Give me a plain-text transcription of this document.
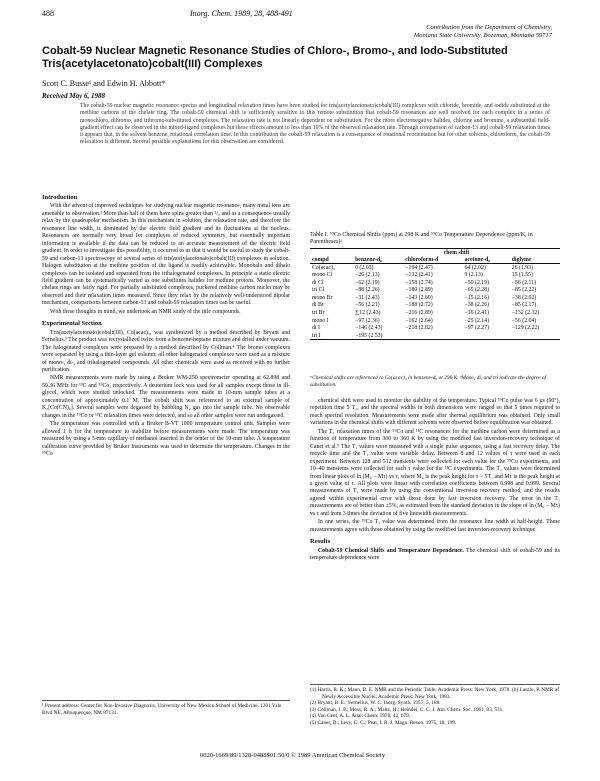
488	Inorg. Chem. 1989, 28, 488-491
Contribution from the Department of Chemistry,
Montana State University, Bozeman, Montana 59717
Cobalt-59 Nuclear Magnetic Resonance Studies of Chloro-, Bromo-, and Iodo-Substituted Tris(acetylacetonato)cobalt(III) Complexes
Scott C. Busse¹ and Edwin H. Abbott*
Received May 6, 1988
The cobalt-59 nuclear magnetic resonance spectra and longitudinal relaxation times have been studied for tris(acetylacetonato)cobalt(III) complexes with chloride, bromide, and iodide substituted at the methine carbons of the chelate ring. The cobalt-59 chemical shift is sufficiently sensitive to this remote substitution that cobalt-59 resonances are well resolved for each complex in a series of monochloro, dibromo, and tribromo-substituted complexes. The relaxation rate is not linearly dependent on substitution. For the more electronegative halides, chlorine and bromine, a substantial field-gradient effect can be observed in the mixed-ligand complexes but these effects amount to less than 10% of the observed relaxation rate. Through comparison of carbon-13 and cobalt-59 relaxation times it appears that, in the solvent benzene, rotational correlation time. In this contribution the cobalt-59 relaxation is a consequence of rotational reorientation but for other solvents, chloroform, the cobalt-59 relaxation is different. Several possible explanations for this observation are considered.
Introduction

With the advent of improved techniques for studying nuclear magnetic resonance, many metal ions are amenable to observation.² More than half of them have spins greater than ¹/₂ and as a consequence usually relax by the quadrupolar mechanism. In this mechanism in solution, the relaxation rate, and therefore the resonance line width, is dominated by the electric field gradient and its fluctuations at the nucleus. Resonances are normally very broad for complexes of reduced symmetry, but essentially important information is available if the data can be reduced to an accurate measurement of the electric field gradient. In order to investigate this possibility, it occurred to us that it would be useful to study the cobalt-59 and carbon-13 spectroscopy of several series of tris(acetylacetonato)cobalt(III) complexes in solution. Halogen substitution at the methine position of the ligand is readily achievable. Monohalo and dihalo complexes can be isolated and separated from the trihalogenated complexes. In principle a static electric field gradient can be systematically varied as one substitutes halides for methine protons. Moreover, the chelate rings are fairly rigid. For partially substituted complexes, puckered methine carbon nuclei may be observed and their relaxation times measured. Since they relax by the relatively well-understood dipolar mechanism, comparisons between carbon-13 and cobalt-59 relaxation times can be useful.

With these thoughts in mind, we undertook an NMR study of the title compounds.

Experimental Section

Tris(acetylacetonato)cobalt(III), Co(acac)₃, was synthesized by a method described by Bryant and Fernelius.³ The product was recrystallized twice from a benzene-heptane mixture and dried under vacuum. The halogenated complexes were prepared by a method described by Collman.⁴ The bromo complexes were separated by using a thin-layer gel column; all other halogenated complexes were used as a mixture of mono-, di-, and trihalogenated compounds. All other chemicals were used as received with no further purification.

NMR measurements were made by using a Bruker WM-250 spectrometer operating at 62.898 and 59.36 MHz for ¹³C and ⁵⁹Co, respectively. A deuterium lock was used for all samples except those in ill-glycol, which were studied unlocked. The measurements were made in 10-mm sample tubes at a concentration of approximately 0.1 M. The cobalt shift was referenced to an external sample of K₃[Co(CN)₆]. Several samples were degassed by bubbling N₂ gas into the sample tube. No observable changes in the ⁵⁹Co or ¹³C relaxation times were detected, and so all other samples were run undegassed.

The temperature was controlled with a Bruker B-VT 1000 temperature control unit. Samples were allowed 1 h for the temperature to stabilize before measurements were made. The temperature was measured by using a 5-mm capillary of methanol inserted in the center of the 10-mm tube. A temperature calibration curve provided by Bruker Instruments was used to determine the temperature. Changes in the ⁵⁹Co

Table I. ⁵⁹Co Chemical Shifts (ppm) at 298 K and ⁵⁹Co Temperature Dependence (ppm/K, in Parentheses)ᵃ
	chem shift			
compd	benzene-d₆	chloroform-d	acetone-d₆	diglyme
Co(acac)₃	0 (2.03)	−104 (2.47)	64 (2.02)	26 (1.93)
mono Cl	−26 (2.13)	−132 (2.41)	9 (2.13)	15 (1.55)
di Cl	−62 (2.19)	−158 (2.74)	−50 (2.19)	−56 (2.11)
tri Cl	−88 (2.26)	−180 (2.89)	−65 (2.28)	−85 (2.22)
mono Br	−31 (2.43)	−143 (2.60)	−15 (2.16)	−38 (2.02)
di Br	−56 (2.21)	−188 (2.72)	−38 (2.26)	−85 (2.17)
tri Br	∑12 (2.43)	−216 (2.89)	−16 (2.41)	−132 (2.32)
mono I	−97 (2.36)	−162 (2.64)	−25 (2.14)	−56 (2.04)
di I	−146 (2.43)	−218 (2.82)	−97 (2.27)	−129 (2.22)
tri I	−195 (2.53)			
ᵃChemical shifts are referenced to Co(acac)₃ in benzene-d₆ at 298 K. ᵇMono, di, and tri indicate the degree of substitution.

chemical shift were used to monitor the stability of the temperature. Typical ⁵⁹Co pulse was 6 µs (90°), repetition time 5 T₁, and the spectral widths in both dimensions were ranged so that 5 times required to reach spectral resolution. Measurements were made after thermal equilibrium was obtained. Only small variations in the chemical shifts with different solvents were observed before equilibration was obtained.

The T₁ relaxation times of the ⁵⁹Co and ¹³C resonances for the methine carbon were determined as a function of temperature from 300 to 360 K by using the modified fast inversion-recovery technique of Canet et al.⁵ The T₁ values were measured with a single pulse sequence, using a fast recovery delay. The recycle time and the T₁ value were variable delay. Between 8 and 12 values of τ were used in each experiment. Between 128 and 512 transients were collected for each value for the ⁵⁹Co experiments, and 10–40 transients were collected for each τ value for the ¹³C experiments. The T₁ values were determined from linear plots of ln (M₀ − Mτ) vs τ, where M₀ is the peak height for τ > 5T₁ and Mτ is the peak height at a given value of τ. All plots were linear with correlation coefficients between 0.998 and 0.999. Several measurements of T₁ were made by using the conventional inversion recovery method, and the results agreed within experimental error with those done by fast inversion recovery. The error in the T₁ measurements are of better than ±5%, as estimated from the standard deviation in the slope of ln (M₀ − Mτ) vs τ and from 3 times the deviation of five linewidth measurements.

In one series, the ⁵⁹Co T₁ value was determined from the resonance line width at half-height. These measurements agree with those obtained by using the modified fast inversion-recovery technique.

Results

Cobalt-59 Chemical Shifts and Temperature Dependence. The chemical shift of cobalt-59 and its temperature dependence were

¹ Present address: Center for Non-Invasive Diagnosis, University of New Mexico School of Medicine, 1201 Yale Blvd NE, Albuquerque, NM 87131.
(1) Harris, R. K.; Mann, B. E. NMR and the Periodic Table; Academic Press: New York, 1978. (b) Laszlo, P. NMR of Newly Accessible Nuclei; Academic Press: New York, 1983.
(2) Bryant, B. E.; Fernelius, W. C. Inorg. Synth. 1957, 5, 188.
(3) Collman, J. P.; Moss, R. A.; Maltz, H.; Heindel, C. C. J. Am. Chem. Soc. 1961, 83, 531.
(4) Van Geet, A. L. Anal. Chem. 1970, 42, 679.
(5) Canet, D.; Levy, G. C.; Peat, I. R. J. Magn. Reson. 1975, 18, 199.
0020-1669/89/1328-0488$01.50/0 © 1989 American Chemical Society
